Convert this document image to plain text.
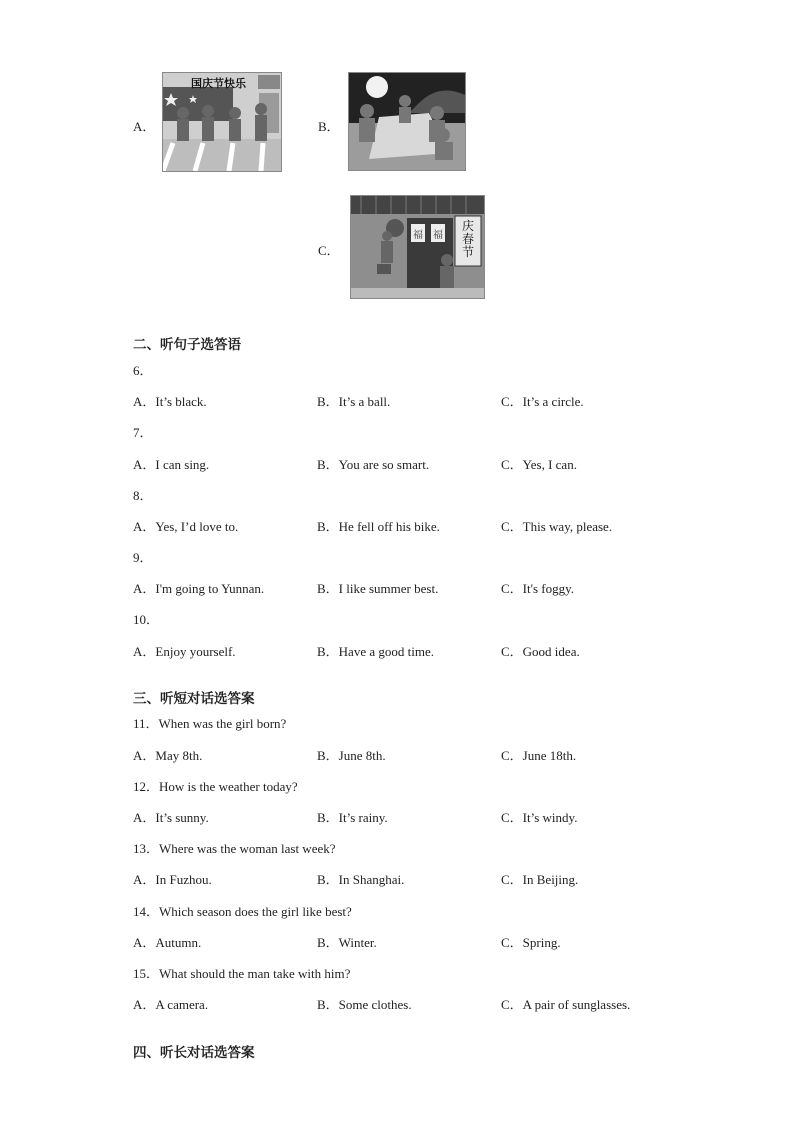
A．
国庆节快乐
B．
C．
庆春节
福 福
二、听句子选答语
6．
A．It’s black.	B．It’s a ball.	C．It’s a circle.
7．
A．I can sing.	B．You are so smart.	C．Yes, I can.
8．
A．Yes, I’d love to.	B．He fell off his bike.	C．This way, please.
9．
A．I'm going to Yunnan.	B．I like summer best.	C．It's foggy.
10．
A．Enjoy yourself.	B．Have a good time.	C．Good idea.
三、听短对话选答案
11．When was the girl born?
A．May 8th.	B．June 8th.	C．June 18th.
12．How is the weather today?
A．It’s sunny.	B．It’s rainy.	C．It’s windy.
13．Where was the woman last week?
A．In Fuzhou.	B．In Shanghai.	C．In Beijing.
14．Which season does the girl like best?
A．Autumn.	B．Winter.	C．Spring.
15．What should the man take with him?
A．A camera.	B．Some clothes.	C．A pair of sunglasses.
四、听长对话选答案
